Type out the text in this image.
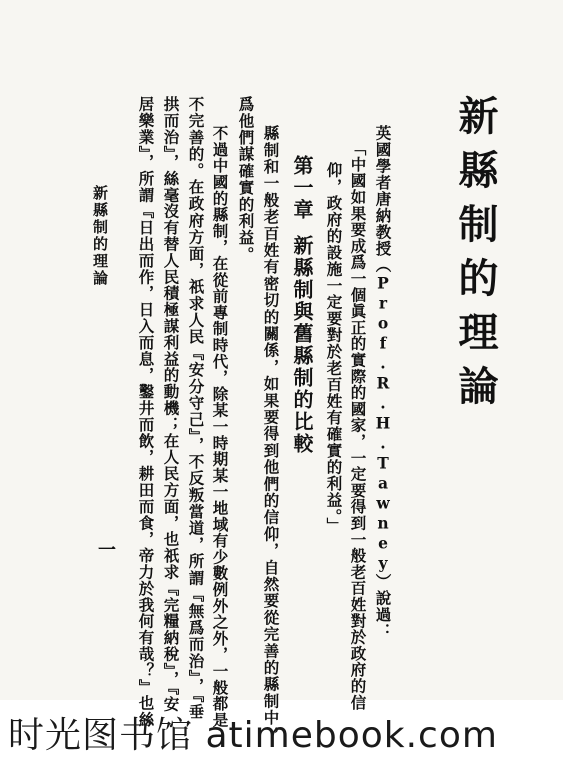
新縣制的理論
英國學者唐納教授（Prof.R.H.Tawney）說過：
「中國如果要成爲一個眞正的實際的國家，一定要得到一般老百姓對於政府的信
仰，政府的設施一定要對於老百姓有確實的利益。」
第一章新縣制與舊縣制的比較
縣制和一般老百姓有密切的關係，如果要得到他們的信仰，自然要從完善的縣制中，
爲他們謀確實的利益。
不過中國的縣制，在從前專制時代，除某一時期某一地域有少數例外之外，一般都是
不完善的。在政府方面，祇求人民『安分守己』，不反叛當道，所謂『無爲而治』，『垂
拱而治』，絲毫沒有替人民積極謀利益的動機；在人民方面，也祇求『完糧納稅』，『安
居樂業』，所謂『日出而作，日入而息，鑿井而飲，耕田而食，帝力於我何有哉？』也絲
新縣制的理論
一
时光图书馆 atimebook.com
